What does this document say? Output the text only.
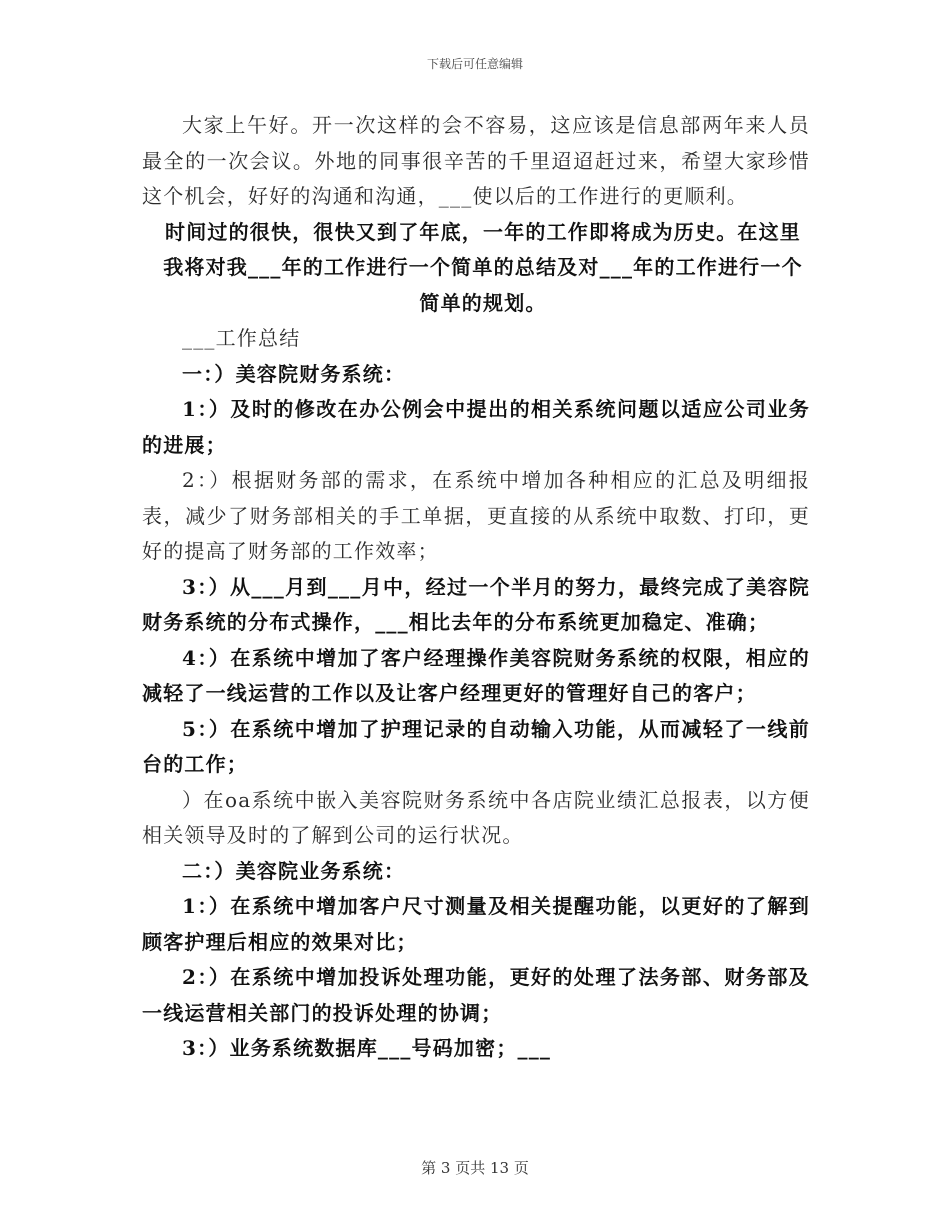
下载后可任意编辑

大家上午好。开一次这样的会不容易，这应该是信息部两年来人员最全的一次会议。外地的同事很辛苦的千里迢迢赶过来，希望大家珍惜这个机会，好好的沟通和沟通，___使以后的工作进行的更顺利。

时间过的很快，很快又到了年底，一年的工作即将成为历史。在这里我将对我___年的工作进行一个简单的总结及对___年的工作进行一个简单的规划。

___工作总结

一：）美容院财务系统：

1：）及时的修改在办公例会中提出的相关系统问题以适应公司业务的进展；

2：）根据财务部的需求，在系统中增加各种相应的汇总及明细报表，减少了财务部相关的手工单据，更直接的从系统中取数、打印，更好的提高了财务部的工作效率；

3：）从___月到___月中，经过一个半月的努力，最终完成了美容院财务系统的分布式操作，___相比去年的分布系统更加稳定、准确；

4：）在系统中增加了客户经理操作美容院财务系统的权限，相应的减轻了一线运营的工作以及让客户经理更好的管理好自己的客户；

5：）在系统中增加了护理记录的自动输入功能，从而减轻了一线前台的工作；

）在oa系统中嵌入美容院财务系统中各店院业绩汇总报表，以方便相关领导及时的了解到公司的运行状况。

二：）美容院业务系统：

1：）在系统中增加客户尺寸测量及相关提醒功能，以更好的了解到顾客护理后相应的效果对比；

2：）在系统中增加投诉处理功能，更好的处理了法务部、财务部及一线运营相关部门的投诉处理的协调；

3：）业务系统数据库___号码加密；___

第 3 页共 13 页
